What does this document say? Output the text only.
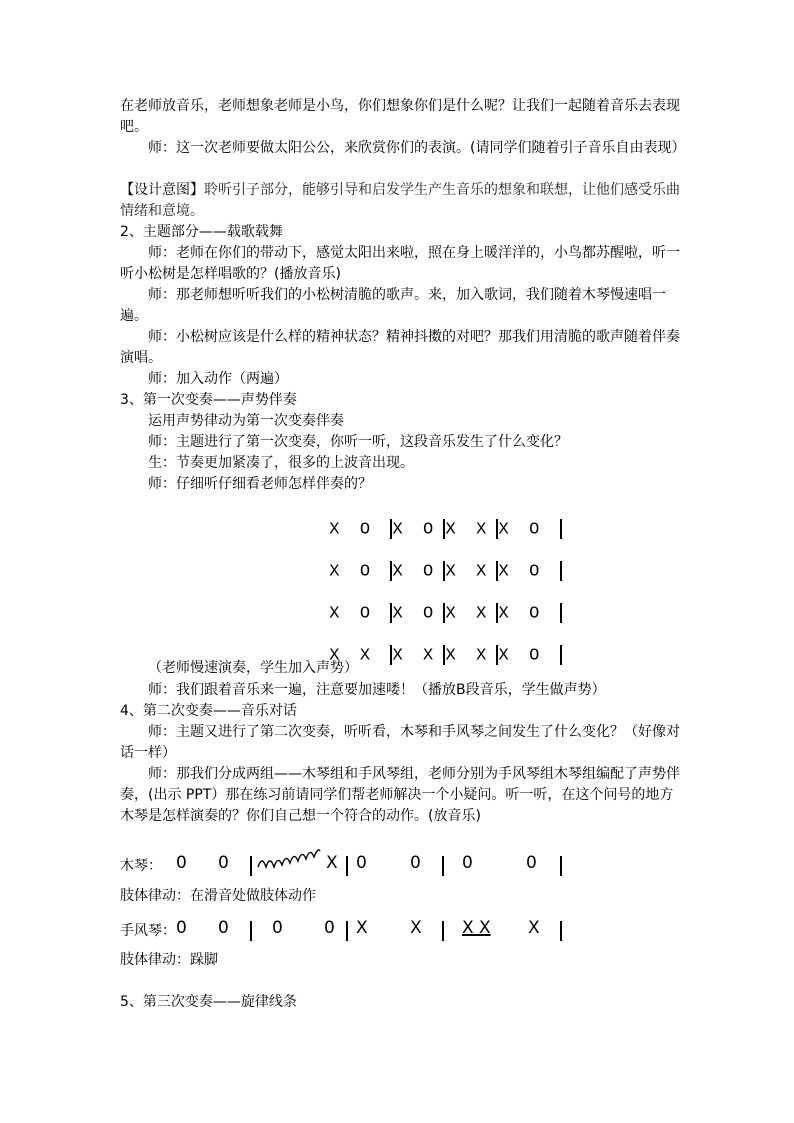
在老师放音乐，老师想象老师是小鸟，你们想象你们是什么呢？让我们一起随着音乐去表现吧。

师：这一次老师要做太阳公公，来欣赏你们的表演。(请同学们随着引子音乐自由表现）

【设计意图】聆听引子部分，能够引导和启发学生产生音乐的想象和联想，让他们感受乐曲情绪和意境。

2、主题部分——载歌载舞

师：老师在你们的带动下，感觉太阳出来啦，照在身上暖洋洋的，小鸟都苏醒啦，听一听小松树是怎样唱歌的？(播放音乐)

师：那老师想听听我们的小松树清脆的歌声。来，加入歌词，我们随着木琴慢速唱一遍。

师：小松树应该是什么样的精神状态？精神抖擞的对吧？那我们用清脆的歌声随着伴奏演唱。

师：加入动作（两遍）
3、第一次变奏——声势伴奏
运用声势律动为第一次变奏伴奏
师：主题进行了第一次变奏，你听一听，这段音乐发生了什么变化？
生：节奏更加紧凑了，很多的上波音出现。
师：仔细听仔细看老师怎样伴奏的？

X O X O X X X O

X O X O X X X O

X O X O X X X O

X X X X X X X O

（老师慢速演奏，学生加入声势）
师：我们跟着音乐来一遍，注意要加速喽！（播放B段音乐，学生做声势）
4、第二次变奏——音乐对话

师：主题又进行了第二次变奏，听听看，木琴和手风琴之间发生了什么变化？（好像对话一样）

师：那我们分成两组——木琴组和手风琴组，老师分别为手风琴组木琴组编配了声势伴奏，(出示 PPT）那在练习前请同学们帮老师解决一个小疑问。听一听，在这个问号的地方木琴是怎样演奏的？你们自己想一个符合的动作。(放音乐)

木琴： 0 0	X 0	0 0	0
肢体律动：在滑音处做肢体动作
手风琴： 0 0	0 0 X X X X X
肢体律动：跺脚
5、第三次变奏——旋律线条
